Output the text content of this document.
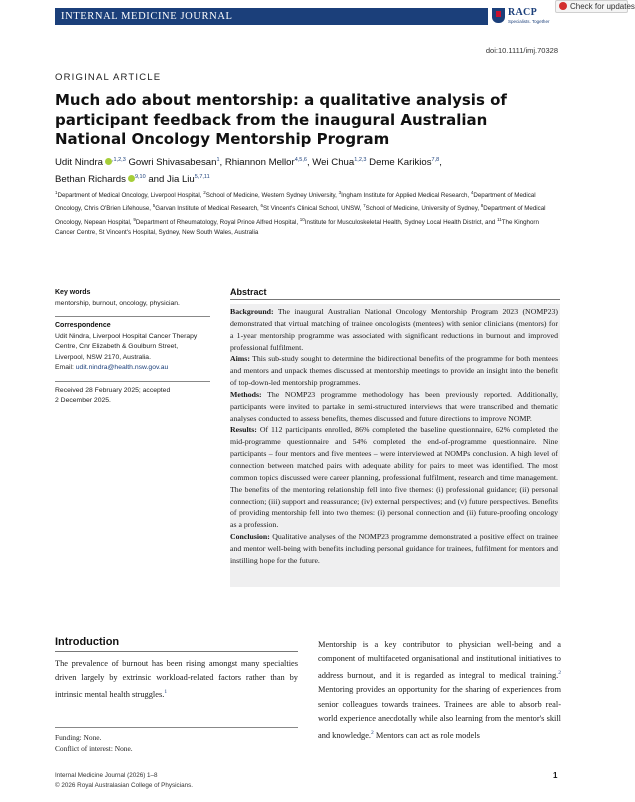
INTERNAL MEDICINE JOURNAL	RACP
Specialists. Together
Check for updates
doi:10.1111/imj.70328
ORIGINAL ARTICLE
Much ado about mentorship: a qualitative analysis of participant feedback from the inaugural Australian National Oncology Mentorship Program
Udit Nindra $^{,1,2,3}$ Gowri Shivasabesan$^1$, Rhiannon Mellor$^{4,5,6}$, Wei Chua$^{1,2,3}$ Deme Karikios$^{7,8}$,
Bethan Richards $^{9,10}$ and Jia Liu$^{5,7,11}$
$^1$Department of Medical Oncology, Liverpool Hospital, $^2$School of Medicine, Western Sydney University, $^3$Ingham Institute for Applied Medical Research, $^4$Department of Medical Oncology, Chris O'Brien Lifehouse, $^5$Garvan Institute of Medical Research, $^6$St Vincent's Clinical School, UNSW, $^7$School of Medicine, University of Sydney, $^8$Department of Medical Oncology, Nepean Hospital, $^9$Department of Rheumatology, Royal Prince Alfred Hospital, $^{10}$Institute for Musculoskeletal Health, Sydney Local Health District, and $^{11}$The Kinghorn Cancer Centre, St Vincent's Hospital, Sydney, New South Wales, Australia
Key words
mentorship, burnout, oncology, physician.
Correspondence
Udit Nindra, Liverpool Hospital Cancer Therapy
Centre, Cnr Elizabeth & Goulburn Street,
Liverpool, NSW 2170, Australia.
Email: udit.nindra@health.nsw.gov.au
Received 28 February 2025; accepted
2 December 2025.
Abstract
Background: The inaugural Australian National Oncology Mentorship Program 2023 (NOMP23) demonstrated that virtual matching of trainee oncologists (mentees) with senior clinicians (mentors) for a 1-year mentorship programme was associated with significant reductions in burnout and improved professional fulfilment.
Aims: This sub-study sought to determine the bidirectional benefits of the programme for both mentees and mentors and unpack themes discussed at mentorship meetings to provide an insight into the benefit of top-down-led mentorship programmes.
Methods: The NOMP23 programme methodology has been previously reported. Additionally, participants were invited to partake in semi-structured interviews that were transcribed and thematic analyses conducted to assess benefits, themes discussed and future directions to improve NOMP.
Results: Of 112 participants enrolled, 86% completed the baseline questionnaire, 62% completed the mid-programme questionnaire and 54% completed the end-of-programme questionnaire. Nine participants – four mentors and five mentees – were interviewed at NOMPs conclusion. A high level of connection between matched pairs with adequate ability for pairs to meet was identified. The most common topics discussed were career planning, professional fulfilment, research and time management. The benefits of the mentoring relationship fell into five themes: (i) professional guidance; (ii) personal connection; (iii) support and reassurance; (iv) external perspectives; and (v) future perspectives. Benefits of providing mentorship fell into two themes: (i) personal connection and (ii) future-proofing oncology as a profession.
Conclusion: Qualitative analyses of the NOMP23 programme demonstrated a positive effect on trainee and mentor well-being with benefits including personal guidance for trainees, fulfilment for mentors and instilling hope for the future.
Introduction
The prevalence of burnout has been rising amongst many specialties driven largely by extrinsic workload-related factors rather than by intrinsic mental health struggles.$^1$
Funding: None.
Conflict of interest: None.
Mentorship is a key contributor to physician well-being and a component of multifaceted organisational and institutional initiatives to address burnout, and it is regarded as integral to medical training.$^2$ Mentoring provides an opportunity for the sharing of experiences from senior colleagues towards trainees. Trainees are able to absorb real-world experience anecdotally while also learning from the mentor's skill and knowledge.$^2$ Mentors can act as role models
Internal Medicine Journal (2026) 1–8
© 2026 Royal Australasian College of Physicians.
1
